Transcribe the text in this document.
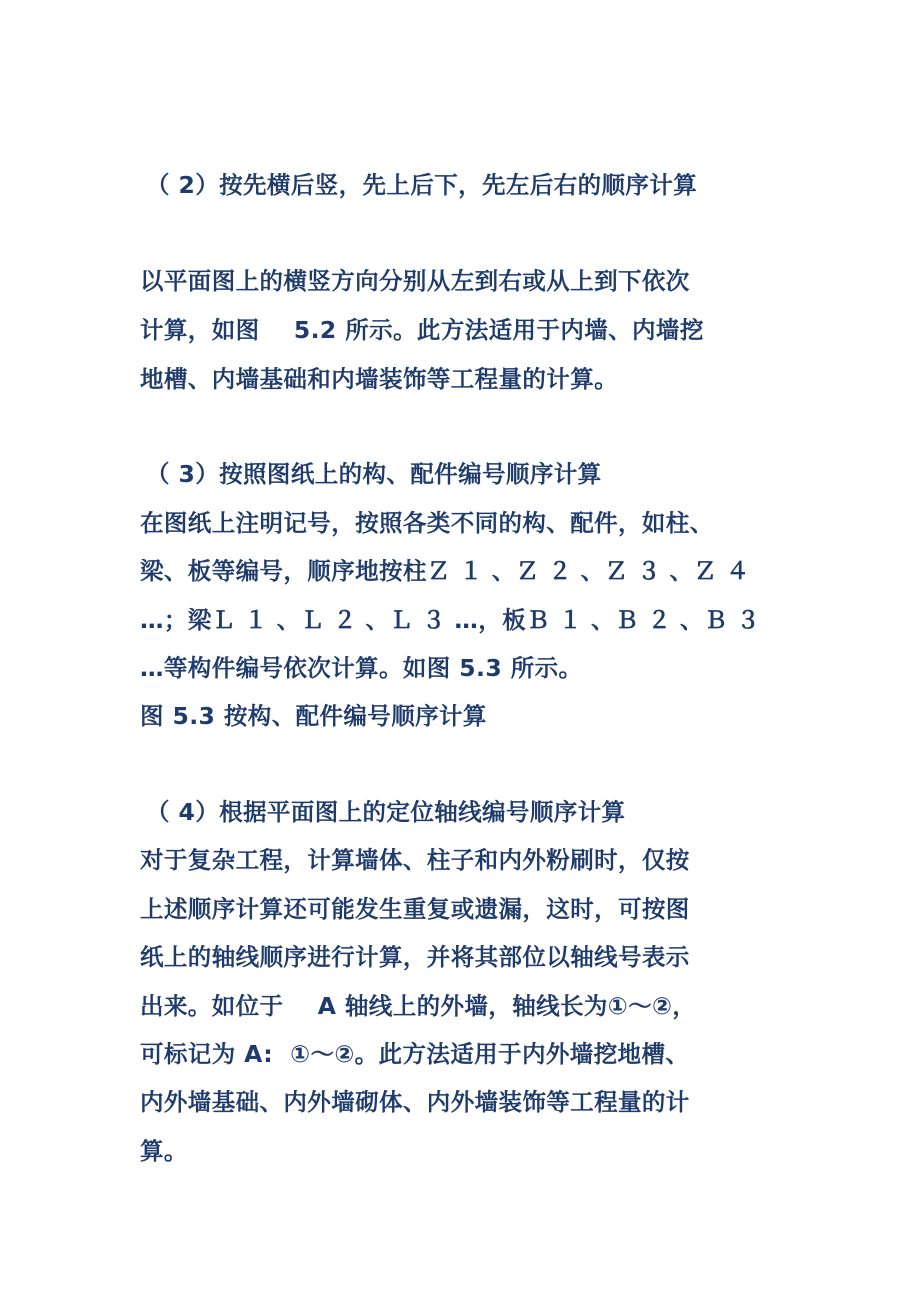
（ 2）按先横后竖，先上后下，先左后右的顺序计算
以平面图上的横竖方向分别从左到右或从上到下依次
计算，如图    5.2 所示。此方法适用于内墙、内墙挖
地槽、内墙基础和内墙装饰等工程量的计算。
（ 3）按照图纸上的构、配件编号顺序计算
在图纸上注明记号，按照各类不同的构、配件，如柱、
梁、板等编号，顺序地按柱Ｚ １ 、Ｚ ２ 、Ｚ ３ 、Ｚ ４
…；梁Ｌ １ 、Ｌ ２ 、Ｌ ３ …，板Ｂ １ 、Ｂ ２ 、Ｂ ３
…等构件编号依次计算。如图 5.3 所示。
图 5.3 按构、配件编号顺序计算
（ 4）根据平面图上的定位轴线编号顺序计算
对于复杂工程，计算墙体、柱子和内外粉刷时，仅按
上述顺序计算还可能发生重复或遗漏，这时，可按图
纸上的轴线顺序进行计算，并将其部位以轴线号表示
出来。如位于    A 轴线上的外墙，轴线长为①～②，
可标记为 A:  ①～②。此方法适用于内外墙挖地槽、
内外墙基础、内外墙砌体、内外墙装饰等工程量的计
算。
